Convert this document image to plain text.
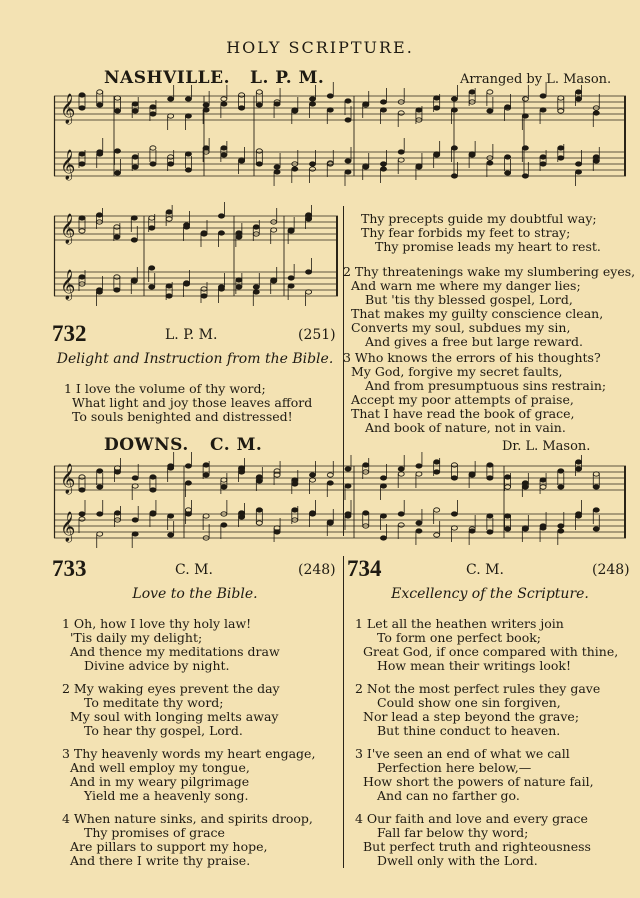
HOLY SCRIPTURE.
NASHVILLE. L. P. M.	Arranged by L. Mason.
𝄞
𝄞
𝄞
𝄞
𝄞
𝄞
732	L. P. M.	(251)
Delight and Instruction from the Bible.
1 I love the volume of thy word;
What light and joy those leaves afford
To souls benighted and distressed!
Thy precepts guide my doubtful way;
Thy fear forbids my feet to stray;
Thy promise leads my heart to rest.
2 Thy threatenings wake my slumbering eyes,
And warn me where my danger lies;
But 'tis thy blessed gospel, Lord,
That makes my guilty conscience clean,
Converts my soul, subdues my sin,
And gives a free but large reward.
3 Who knows the errors of his thoughts?
My God, forgive my secret faults,
And from presumptuous sins restrain;
Accept my poor attempts of praise,
That I have read the book of grace,
And book of nature, not in vain.
DOWNS. C. M.	Dr. L. Mason.
733	C. M.	(248)
Love to the Bible.
1 Oh, how I love thy holy law!
'Tis daily my delight;
And thence my meditations draw
Divine advice by night.
2 My waking eyes prevent the day
To meditate thy word;
My soul with longing melts away
To hear thy gospel, Lord.
3 Thy heavenly words my heart engage,
And well employ my tongue,
And in my weary pilgrimage
Yield me a heavenly song.
4 When nature sinks, and spirits droop,
Thy promises of grace
Are pillars to support my hope,
And there I write thy praise.
734	C. M.	(248)
Excellency of the Scripture.
1 Let all the heathen writers join
To form one perfect book;
Great God, if once compared with thine,
How mean their writings look!
2 Not the most perfect rules they gave
Could show one sin forgiven,
Nor lead a step beyond the grave;
But thine conduct to heaven.
3 I've seen an end of what we call
Perfection here below,—
How short the powers of nature fail,
And can no farther go.
4 Our faith and love and every grace
Fall far below thy word;
But perfect truth and righteousness
Dwell only with the Lord.
